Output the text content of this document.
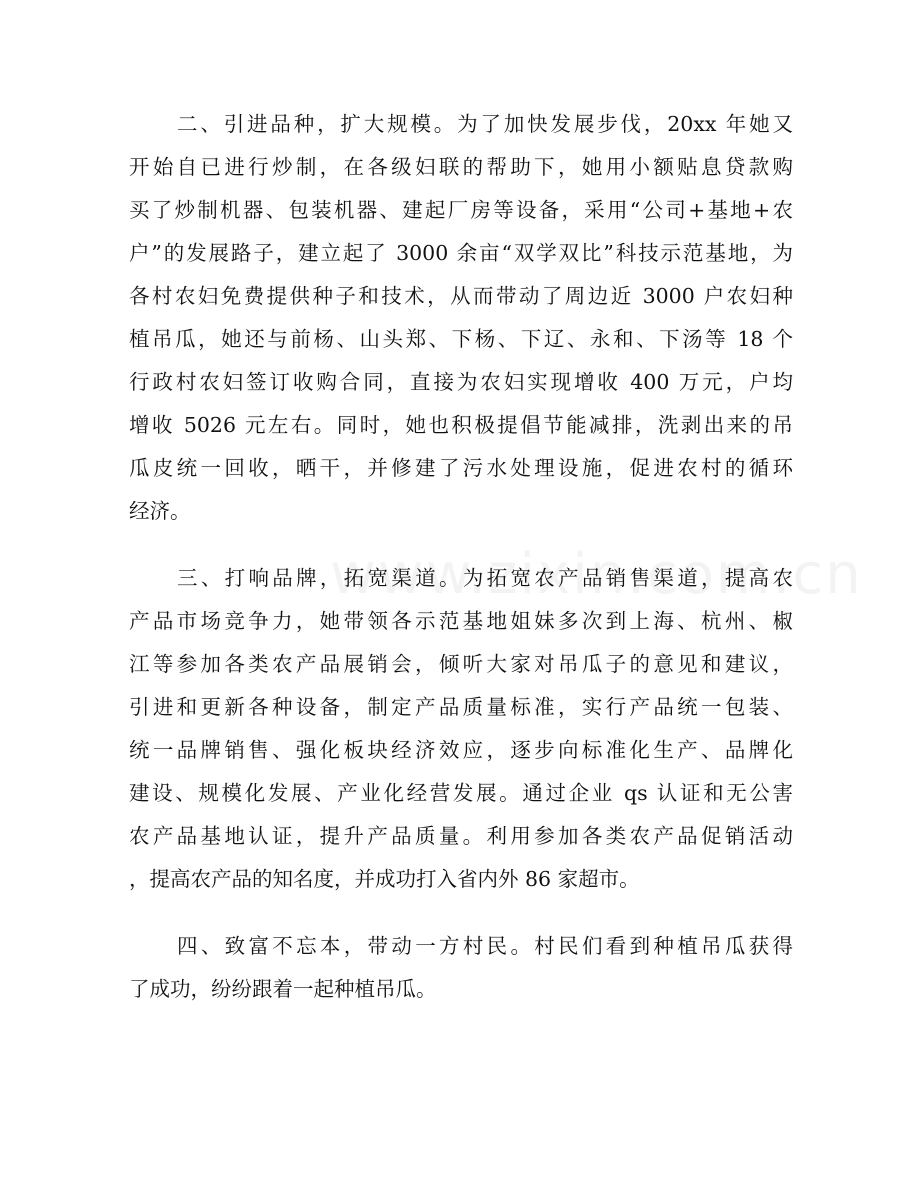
二、引进品种，扩大规模。为了加快发展步伐，20xx 年她又
开始自已进行炒制，在各级妇联的帮助下，她用小额贴息贷款购
买了炒制机器、包装机器、建起厂房等设备，采用“公司+基地+农
户”的发展路子，建立起了 3000 余亩“双学双比”科技示范基地，为
各村农妇免费提供种子和技术，从而带动了周边近 3000 户农妇种
植吊瓜，她还与前杨、山头郑、下杨、下辽、永和、下汤等 18 个
行政村农妇签订收购合同，直接为农妇实现增收 400 万元，户均
增收 5026 元左右。同时，她也积极提倡节能减排，洗剥出来的吊
瓜皮统一回收，晒干，并修建了污水处理设施，促进农村的循环
经济。
三、打响品牌，拓宽渠道。为拓宽农产品销售渠道，提高农
产品市场竞争力，她带领各示范基地姐妹多次到上海、杭州、椒
江等参加各类农产品展销会，倾听大家对吊瓜子的意见和建议，
引进和更新各种设备，制定产品质量标准，实行产品统一包装、
统一品牌销售、强化板块经济效应，逐步向标准化生产、品牌化
建设、规模化发展、产业化经营发展。通过企业 qs 认证和无公害
农产品基地认证，提升产品质量。利用参加各类农产品促销活动
，提高农产品的知名度，并成功打入省内外 86 家超市。
四、致富不忘本，带动一方村民。村民们看到种植吊瓜获得
了成功，纷纷跟着一起种植吊瓜。
